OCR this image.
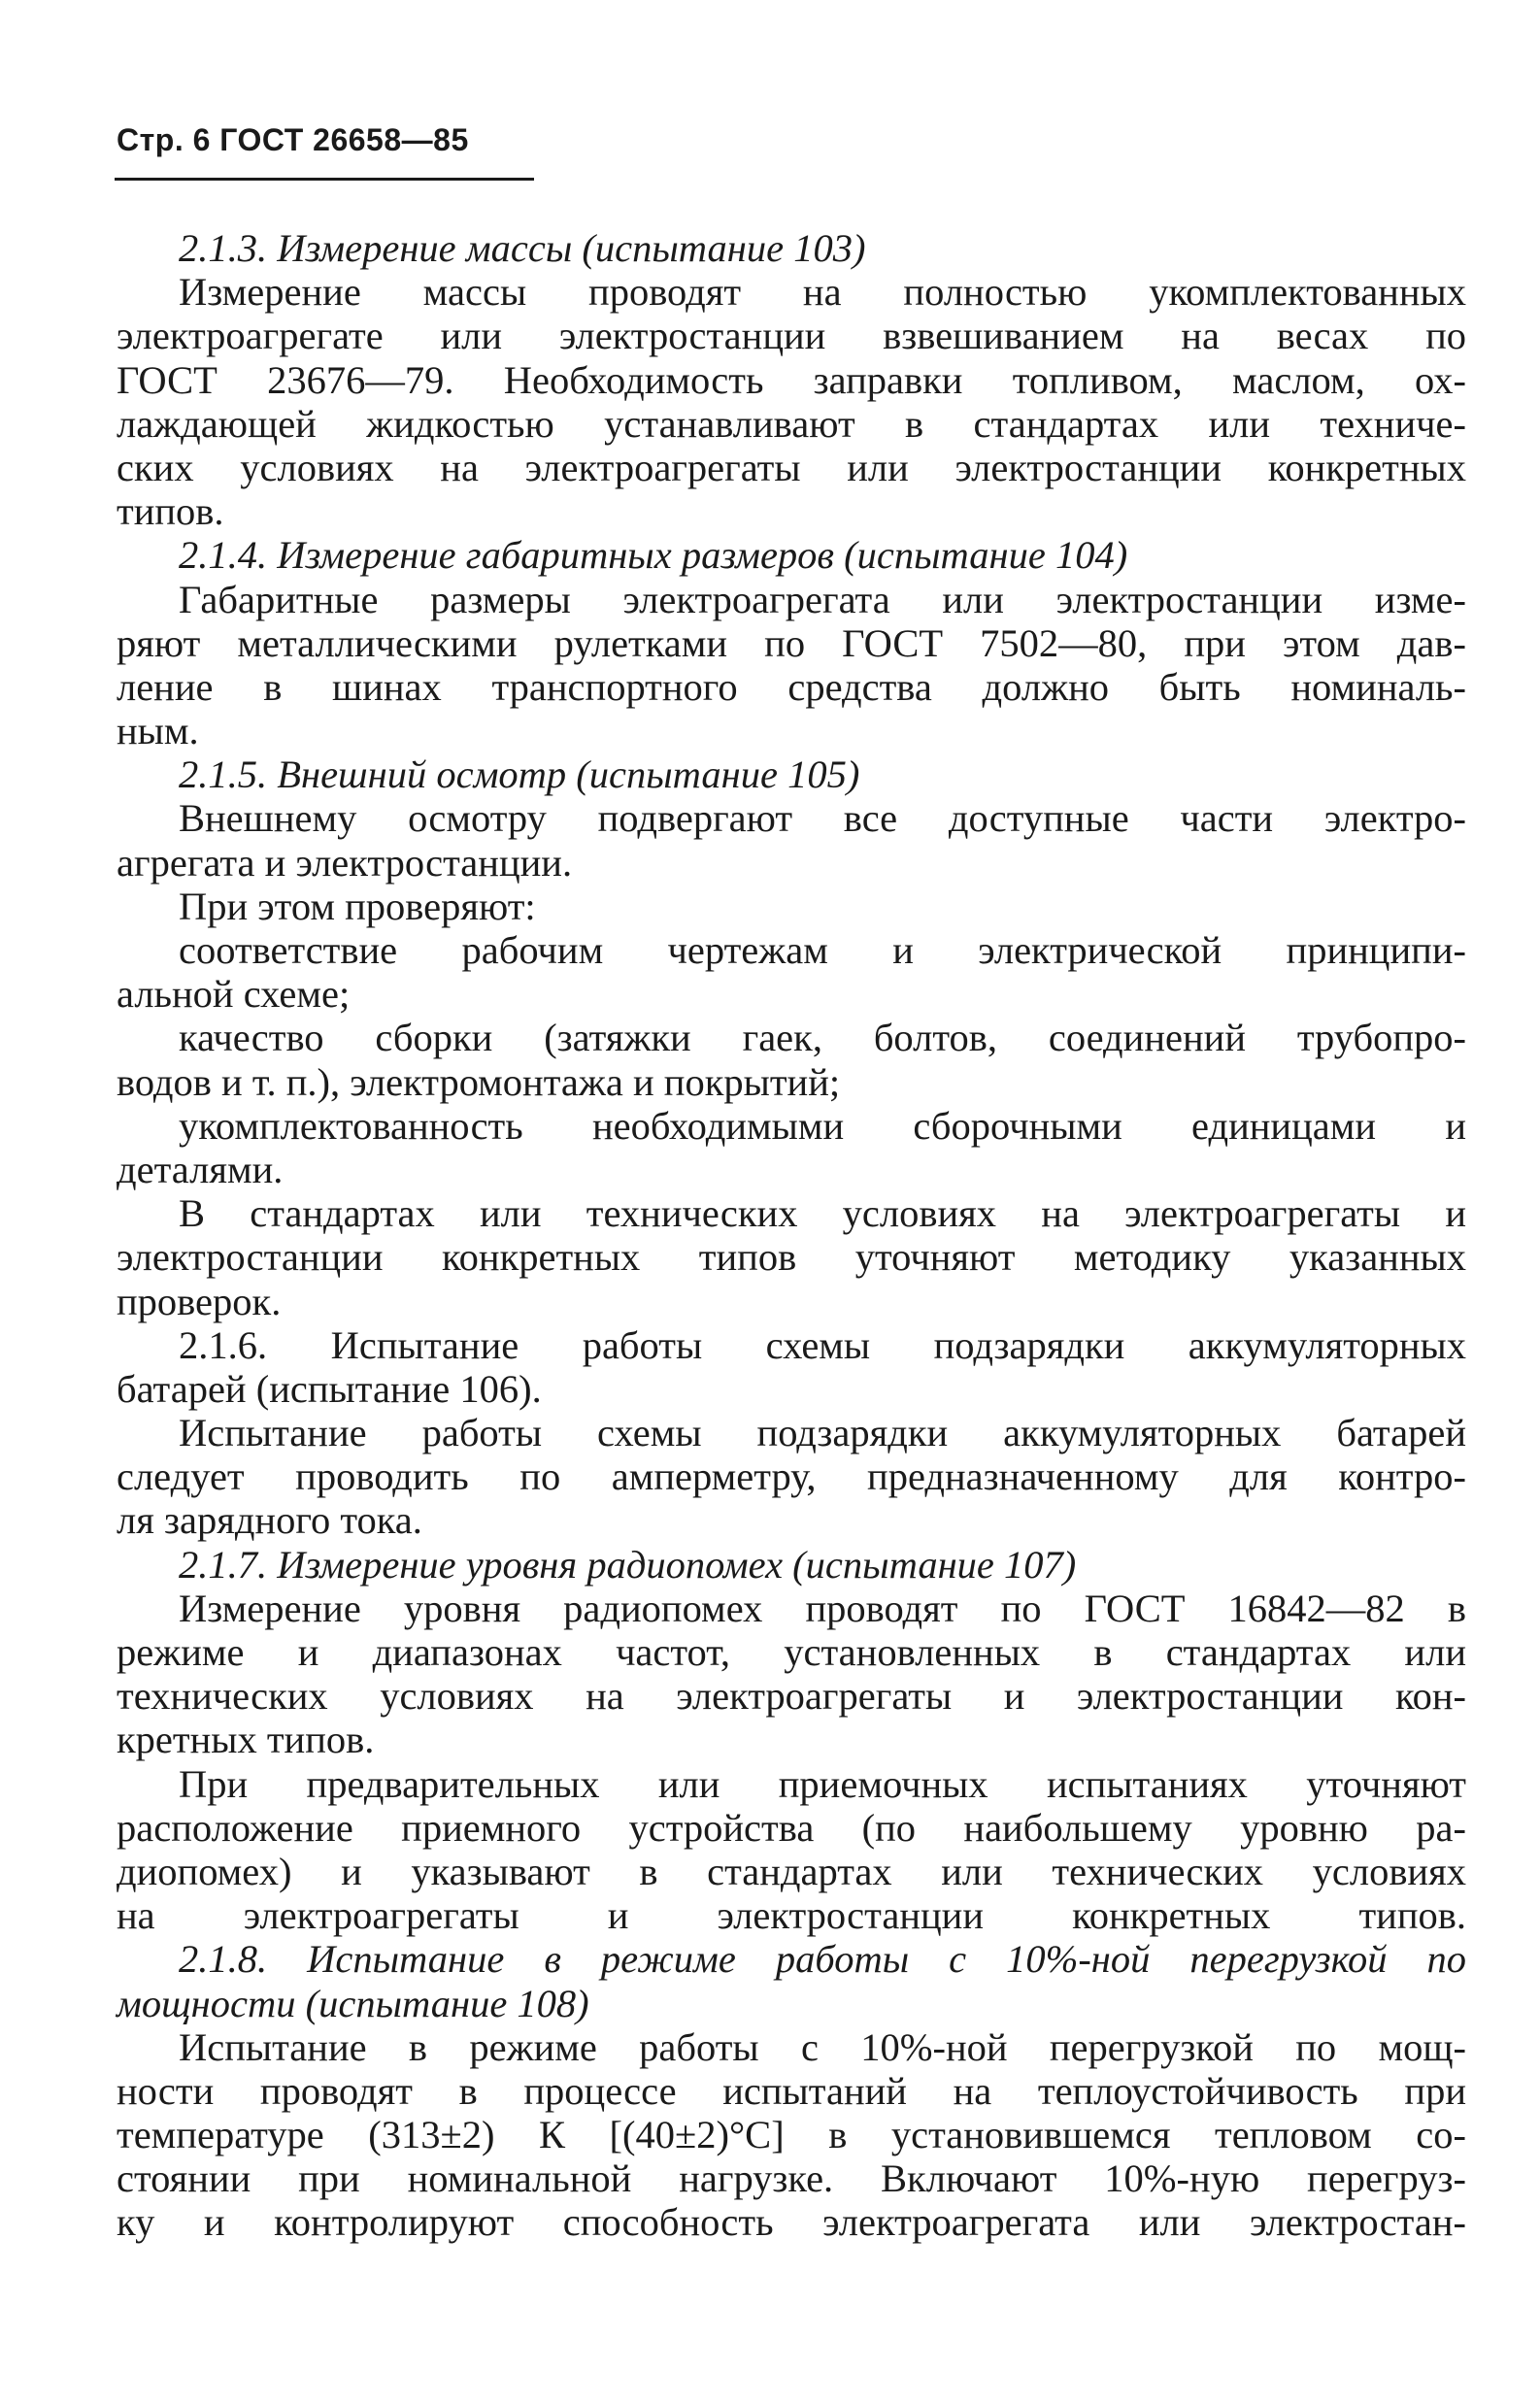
Стр. 6 ГОСТ 26658—85
2.1.3. Измерение массы (испытание 103)
Измерение массы проводят на полностью укомплектованных
электроагрегате или электростанции взвешиванием на весах по
ГОСТ 23676—79. Необходимость заправки топливом, маслом, ох-
лаждающей жидкостью устанавливают в стандартах или техниче-
ских условиях на электроагрегаты или электростанции конкретных
типов.
2.1.4. Измерение габаритных размеров (испытание 104)
Габаритные размеры электроагрегата или электростанции изме-
ряют металлическими рулетками по ГОСТ 7502—80, при этом дав-
ление в шинах транспортного средства должно быть номиналь-
ным.
2.1.5. Внешний осмотр (испытание 105)
Внешнему осмотру подвергают все доступные части электро-
агрегата и электростанции.
При этом проверяют:
соответствие рабочим чертежам и электрической принципи-
альной схеме;
качество сборки (затяжки гаек, болтов, соединений трубопро-
водов и т. п.), электромонтажа и покрытий;
укомплектованность необходимыми сборочными единицами и
деталями.
В стандартах или технических условиях на электроагрегаты и
электростанции конкретных типов уточняют методику указанных
проверок.
2.1.6. Испытание работы схемы подзарядки аккумуляторных
батарей (испытание 106).
Испытание работы схемы подзарядки аккумуляторных батарей
следует проводить по амперметру, предназначенному для контро-
ля зарядного тока.
2.1.7. Измерение уровня радиопомех (испытание 107)
Измерение уровня радиопомех проводят по ГОСТ 16842—82 в
режиме и диапазонах частот, установленных в стандартах или
технических условиях на электроагрегаты и электростанции кон-
кретных типов.
При предварительных или приемочных испытаниях уточняют
расположение приемного устройства (по наибольшему уровню ра-
диопомех) и указывают в стандартах или технических условиях
на электроагрегаты и электростанции конкретных типов.
2.1.8. Испытание в режиме работы с 10%-ной перегрузкой по
мощности (испытание 108)
Испытание в режиме работы с 10%-ной перегрузкой по мощ-
ности проводят в процессе испытаний на теплоустойчивость при
температуре (313±2) К [(40±2)°С] в установившемся тепловом со-
стоянии при номинальной нагрузке. Включают 10%-ную перегруз-
ку и контролируют способность электроагрегата или электростан-
